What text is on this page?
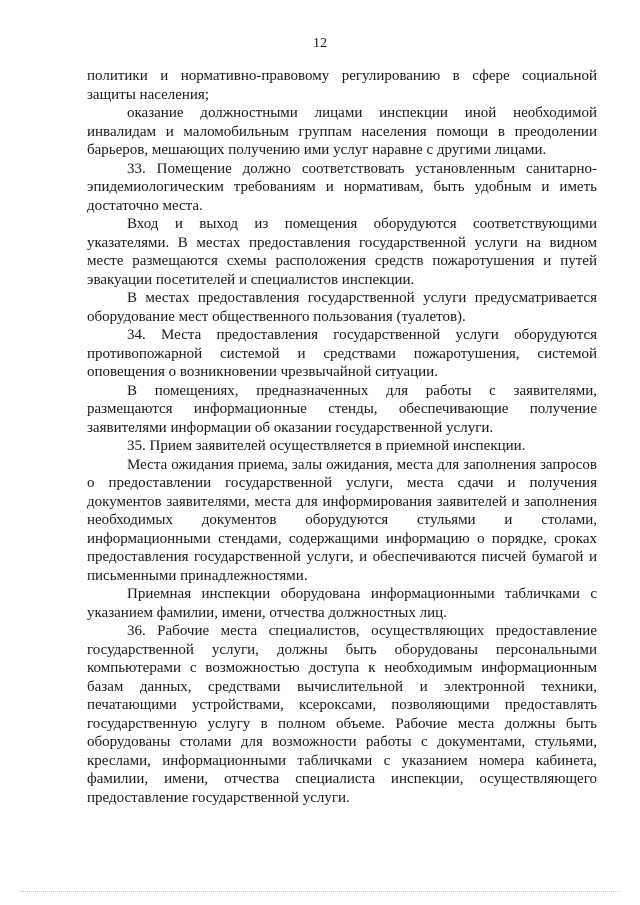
12

политики и нормативно-правовому регулированию в сфере социальной защиты населения;

оказание должностными лицами инспекции иной необходимой инвалидам и маломобильным группам населения помощи в преодолении барьеров, мешающих получению ими услуг наравне с другими лицами.

33. Помещение должно соответствовать установленным санитарно-эпидемиологическим требованиям и нормативам, быть удобным и иметь достаточно места.

Вход и выход из помещения оборудуются соответствующими указателями. В местах предоставления государственной услуги на видном месте размещаются схемы расположения средств пожаротушения и путей эвакуации посетителей и специалистов инспекции.

В местах предоставления государственной услуги предусматривается оборудование мест общественного пользования (туалетов).

34. Места предоставления государственной услуги оборудуются противопожарной системой и средствами пожаротушения, системой оповещения о возникновении чрезвычайной ситуации.

В помещениях, предназначенных для работы с заявителями, размещаются информационные стенды, обеспечивающие получение заявителями информации об оказании государственной услуги.

35. Прием заявителей осуществляется в приемной инспекции.

Места ожидания приема, залы ожидания, места для заполнения запросов о предоставлении государственной услуги, места сдачи и получения документов заявителями, места для информирования заявителей и заполнения необходимых документов оборудуются стульями и столами, информационными стендами, содержащими информацию о порядке, сроках предоставления государственной услуги, и обеспечиваются писчей бумагой и письменными принадлежностями.

Приемная инспекции оборудована информационными табличками с указанием фамилии, имени, отчества должностных лиц.

36. Рабочие места специалистов, осуществляющих предоставление государственной услуги, должны быть оборудованы персональными компьютерами с возможностью доступа к необходимым информационным базам данных, средствами вычислительной и электронной техники, печатающими устройствами, ксероксами, позволяющими предоставлять государственную услугу в полном объеме. Рабочие места должны быть оборудованы столами для возможности работы с документами, стульями, креслами, информационными табличками с указанием номера кабинета, фамилии, имени, отчества специалиста инспекции, осуществляющего предоставление государственной услуги.
